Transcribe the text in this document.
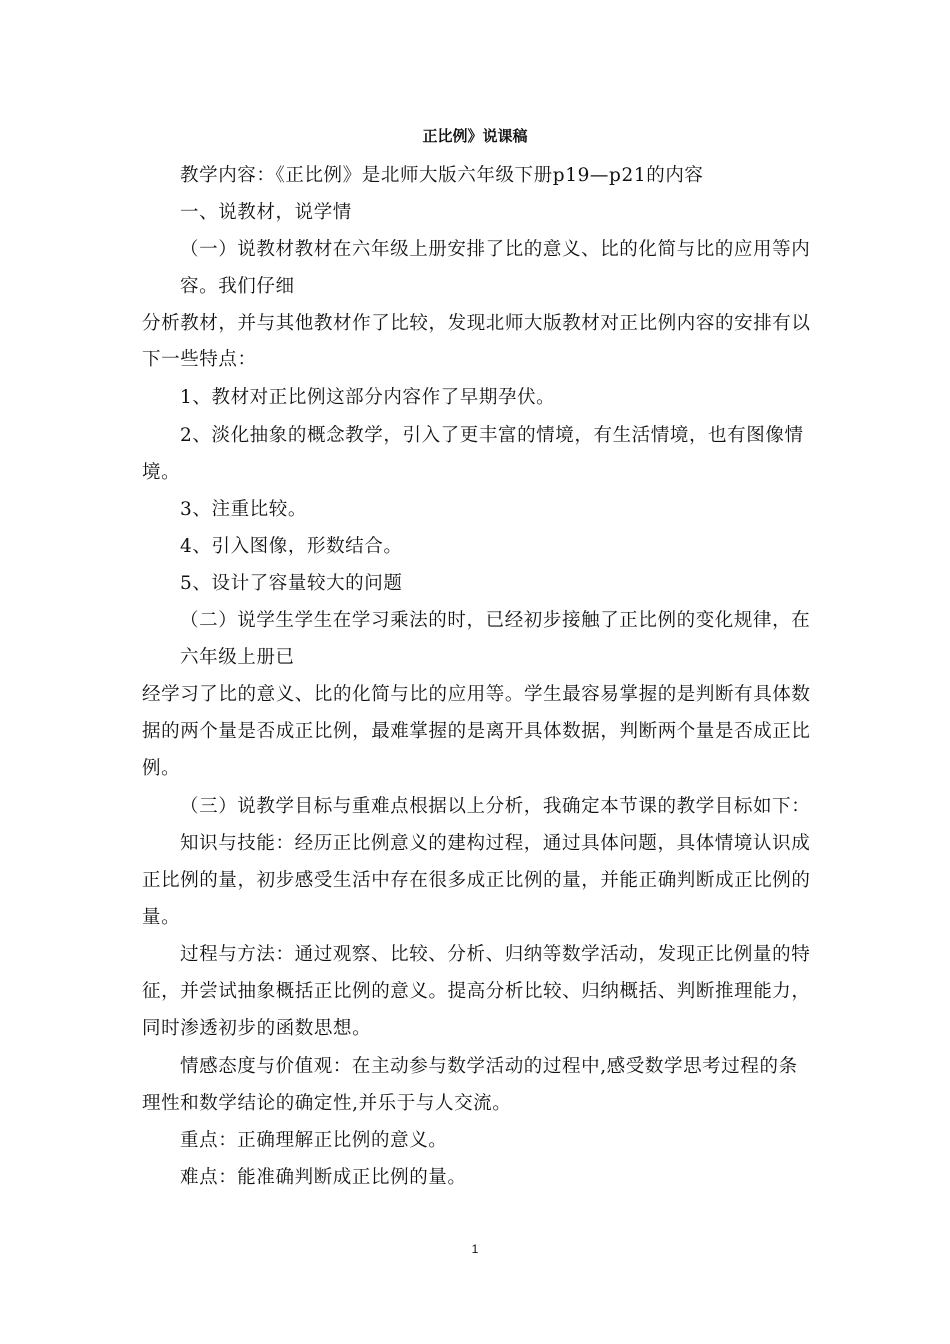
正比例》说课稿
教学内容：《正比例》是北师大版六年级下册p19—p21的内容
一、说教材，说学情
（一）说教材教材在六年级上册安排了比的意义、比的化简与比的应用等内
容。我们仔细
分析教材，并与其他教材作了比较，发现北师大版教材对正比例内容的安排有以
下一些特点：
1、教材对正比例这部分内容作了早期孕伏。
2、淡化抽象的概念教学，引入了更丰富的情境，有生活情境，也有图像情
境。
3、注重比较。
4、引入图像，形数结合。
5、设计了容量较大的问题
（二）说学生学生在学习乘法的时，已经初步接触了正比例的变化规律，在
六年级上册已
经学习了比的意义、比的化简与比的应用等。学生最容易掌握的是判断有具体数
据的两个量是否成正比例，最难掌握的是离开具体数据，判断两个量是否成正比
例。
（三）说教学目标与重难点根据以上分析，我确定本节课的教学目标如下：
知识与技能：经历正比例意义的建构过程，通过具体问题，具体情境认识成
正比例的量，初步感受生活中存在很多成正比例的量，并能正确判断成正比例的
量。
过程与方法：通过观察、比较、分析、归纳等数学活动，发现正比例量的特
征，并尝试抽象概括正比例的意义。提高分析比较、归纳概括、判断推理能力，
同时渗透初步的函数思想。
情感态度与价值观：在主动参与数学活动的过程中,感受数学思考过程的条
理性和数学结论的确定性,并乐于与人交流。
重点：正确理解正比例的意义。
难点：能准确判断成正比例的量。
1
